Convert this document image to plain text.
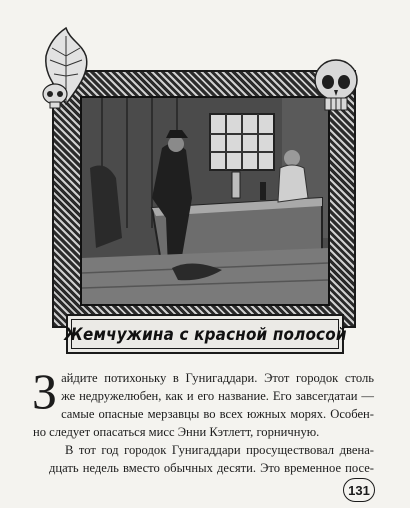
Жемчужина с красной полосой

З айдите потихоньку в Гунигаддари. Этот городок столь
же недружелюбен, как и его название. Его завсегдатаи —
самые опасные мерзавцы во всех южных морях. Особен-
но следует опасаться мисс Энни Кэтлетт, горничную.

В тот год городок Гунигаддари просуществовал двена-
дцать недель вместо обычных десяти. Это временное посе-

131
